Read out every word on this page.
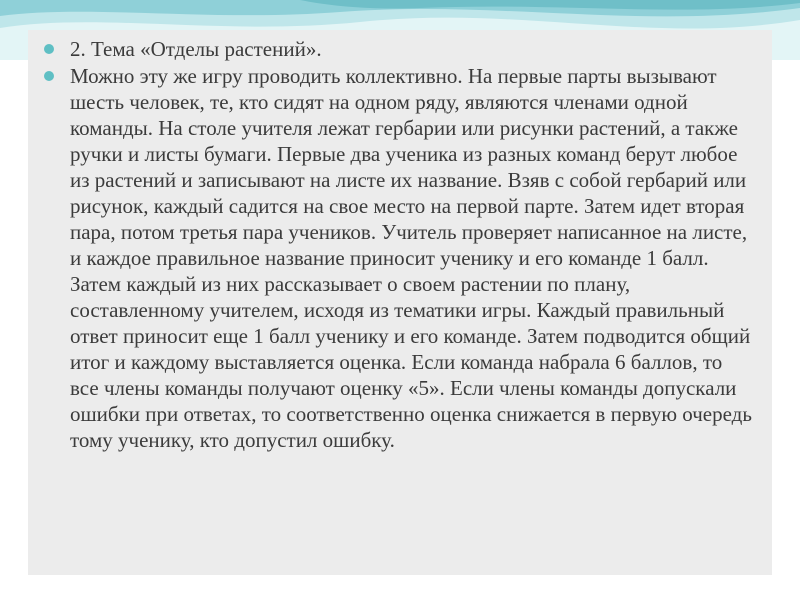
2. Тема «Отделы растений».
Можно эту же игру проводить коллективно. На первые парты вызывают шесть человек, те, кто сидят на одном ряду, являются членами одной команды. На столе учителя лежат гербарии или рисунки растений, а также ручки и листы бумаги. Первые два ученика из разных команд берут любое из растений и записывают на листе их название. Взяв с собой гербарий или рисунок, каждый садится на свое место на первой парте. Затем идет вторая пара, потом третья пара учеников. Учитель проверяет написанное на листе, и каждое правильное название приносит ученику и его команде 1 балл. Затем каждый из них рассказывает о своем растении по плану, составленному учителем, исходя из тематики игры. Каждый правильный ответ приносит еще 1 балл ученику и его команде. Затем подводится общий итог и каждому выставляется оценка. Если команда набрала 6 баллов, то все члены команды получают оценку «5». Если члены команды допускали ошибки при ответах, то соответственно оценка снижается в первую очередь тому ученику, кто допустил ошибку.
